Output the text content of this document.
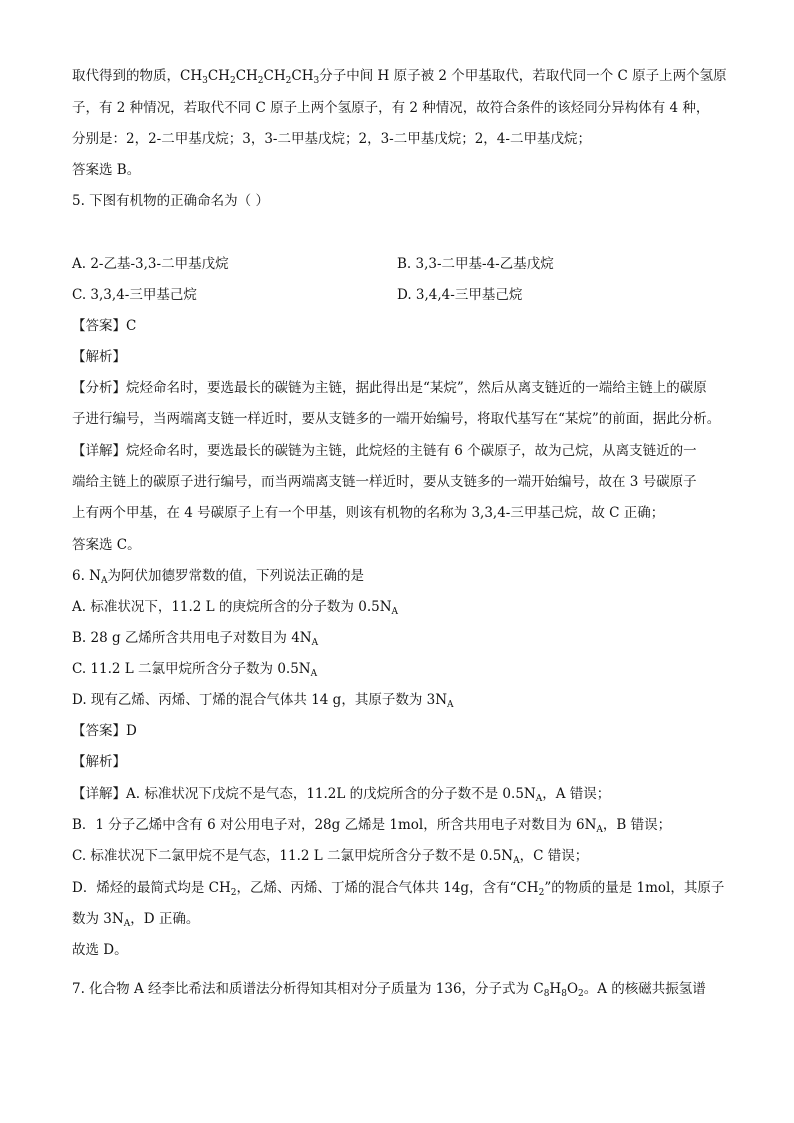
取代得到的物质，$CH_3CH_2CH_2CH_2CH_3$分子中间 H 原子被 2 个甲基取代，若取代同一个 C 原子上两个氢原
子，有 2 种情况，若取代不同 C 原子上两个氢原子，有 2 种情况，故符合条件的该烃同分异构体有 4 种，
分别是：2，2-二甲基戊烷；3，3-二甲基戊烷；2，3-二甲基戊烷；2，4-二甲基戊烷；
答案选 B。
5. 下图有机物的正确命名为（ ）
A. 2-乙基-3,3-二甲基戊烷	B. 3,3-二甲基-4-乙基戊烷
C. 3,3,4-三甲基己烷	D. 3,4,4-三甲基己烷
【答案】C
【解析】
【分析】烷烃命名时，要选最长的碳链为主链，据此得出是“某烷”，然后从离支链近的一端给主链上的碳原
子进行编号，当两端离支链一样近时，要从支链多的一端开始编号，将取代基写在“某烷”的前面，据此分析。
【详解】烷烃命名时，要选最长的碳链为主链，此烷烃的主链有 6 个碳原子，故为己烷，从离支链近的一
端给主链上的碳原子进行编号，而当两端离支链一样近时，要从支链多的一端开始编号，故在 3 号碳原子
上有两个甲基，在 4 号碳原子上有一个甲基，则该有机物的名称为 3,3,4-三甲基己烷，故 C 正确；
答案选 C。
6. $N_A$为阿伏加德罗常数的值，下列说法正确的是
A. 标准状况下，11.2 L 的庚烷所含的分子数为 $0.5N_A$
B. 28 g 乙烯所含共用电子对数目为 $4N_A$
C. 11.2 L 二氯甲烷所含分子数为 $0.5N_A$
D. 现有乙烯、丙烯、丁烯的混合气体共 14 g，其原子数为 $3N_A$
【答案】D
【解析】
【详解】A. 标准状况下戊烷不是气态，11.2L 的戊烷所含的分子数不是 $0.5N_A$，A 错误；
B．1 分子乙烯中含有 6 对公用电子对，28g 乙烯是 1mol，所含共用电子对数目为 $6N_A$，B 错误；
C. 标准状况下二氯甲烷不是气态，11.2 L 二氯甲烷所含分子数不是 $0.5N_A$，C 错误；
D．烯烃的最简式均是 $CH_2$，乙烯、丙烯、丁烯的混合气体共 14g，含有“$CH_2$”的物质的量是 1mol，其原子
数为 $3N_A$，D 正确。
故选 D。
7. 化合物 A 经李比希法和质谱法分析得知其相对分子质量为 136，分子式为 $C_8H_8O_2$。A 的核磁共振氢谱
